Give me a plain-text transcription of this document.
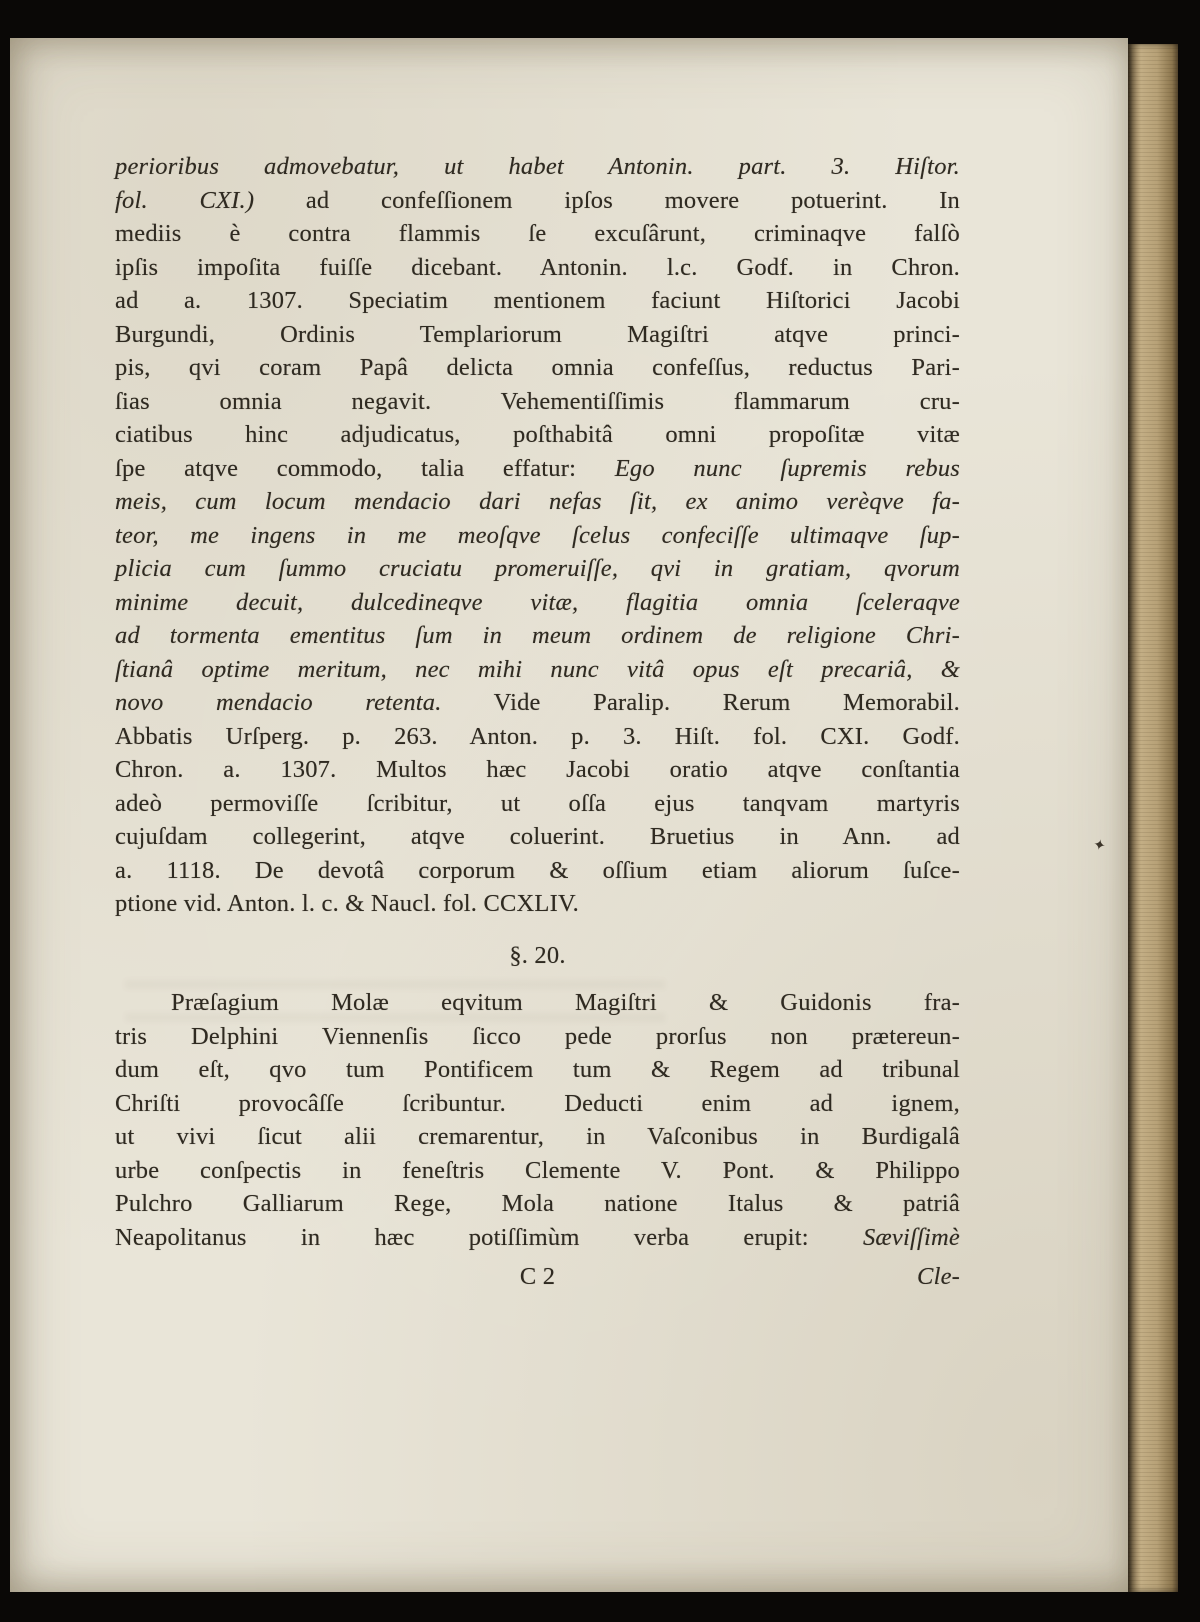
perioribus admovebatur, ut habet Antonin. part. 3. Hiſtor.
fol. CXI.) ad confeſſionem ipſos movere potuerint. In
mediis è contra flammis ſe excuſârunt, criminaqve falſò
ipſis impoſita fuiſſe dicebant. Antonin. l.c. Godf. in Chron.
ad a. 1307. Speciatim mentionem faciunt Hiſtorici Jacobi
Burgundi, Ordinis Templariorum Magiſtri atqve princi-
pis, qvi coram Papâ delicta omnia confeſſus, reductus Pari-
ſias omnia negavit. Vehementiſſimis flammarum cru-
ciatibus hinc adjudicatus, poſthabitâ omni propoſitæ vitæ
ſpe atqve commodo, talia effatur: Ego nunc ſupremis rebus
meis, cum locum mendacio dari nefas ſit, ex animo verèqve fa-
teor, me ingens in me meoſqve ſcelus confeciſſe ultimaqve ſup-
plicia cum ſummo cruciatu promeruiſſe, qvi in gratiam, qvorum
minime decuit, dulcedineqve vitæ, flagitia omnia ſceleraqve
ad tormenta ementitus ſum in meum ordinem de religione Chri-
ſtianâ optime meritum, nec mihi nunc vitâ opus eſt precariâ, &
novo mendacio retenta. Vide Paralip. Rerum Memorabil.
Abbatis Urſperg. p. 263. Anton. p. 3. Hiſt. fol. CXI. Godf.
Chron. a. 1307. Multos hæc Jacobi oratio atqve conſtantia
adeò permoviſſe ſcribitur, ut oſſa ejus tanqvam martyris
cujuſdam collegerint, atqve coluerint. Bruetius in Ann. ad
a. 1118. De devotâ corporum & oſſium etiam aliorum ſuſce-
ptione vid. Anton. l. c. & Naucl. fol. CCXLIV.
§. 20.
Præſagium Molæ eqvitum Magiſtri & Guidonis fra-
tris Delphini Viennenſis ſicco pede prorſus non prætereun-
dum eſt, qvo tum Pontificem tum & Regem ad tribunal
Chriſti provocâſſe ſcribuntur. Deducti enim ad ignem,
ut vivi ſicut alii cremarentur, in Vaſconibus in Burdigalâ
urbe conſpectis in feneſtris Clemente V. Pont. & Philippo
Pulchro Galliarum Rege, Mola natione Italus & patriâ
Neapolitanus in hæc potiſſimùm verba erupit: Sæviſſimè
C 2	Cle-
✦
